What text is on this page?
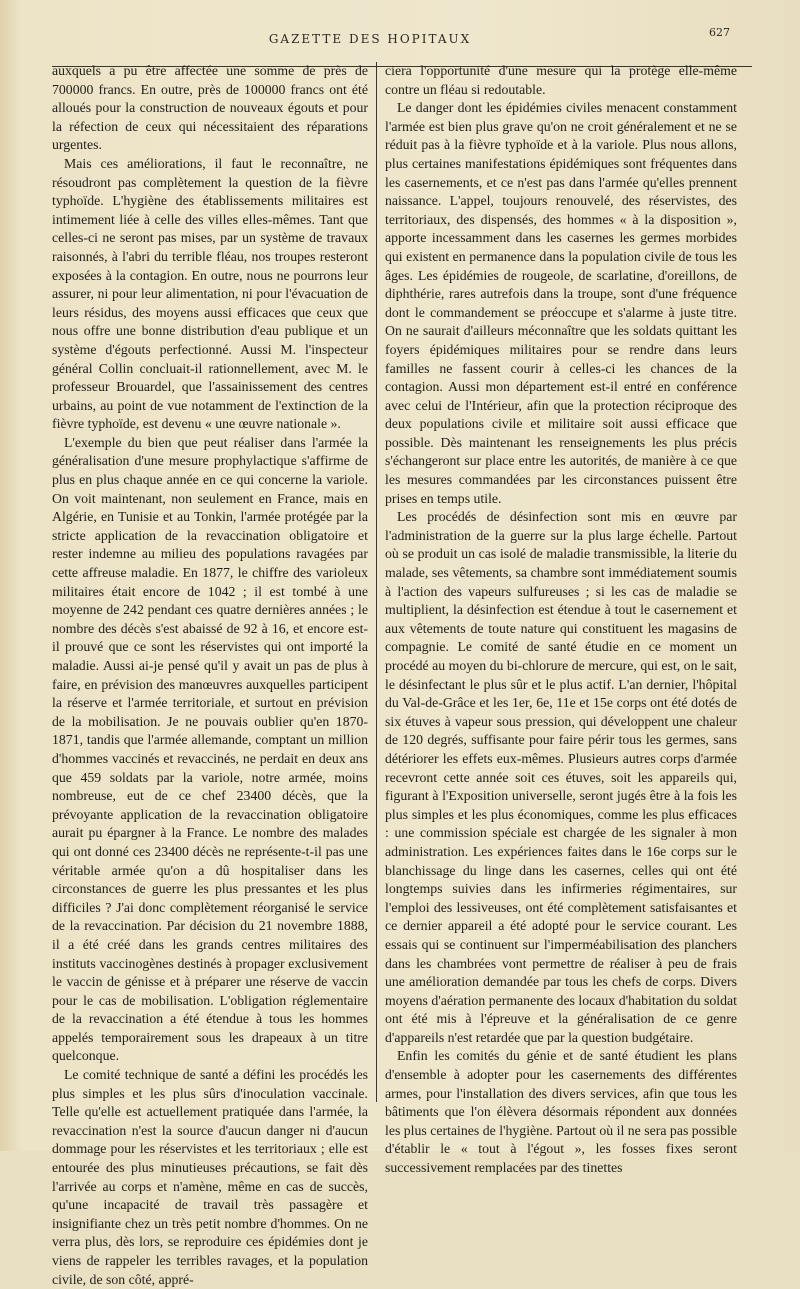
GAZETTE DES HOPITAUX	627

auxquels a pu être affectée une somme de près de 700000 francs. En outre, près de 100000 francs ont été alloués pour la construction de nouveaux égouts et pour la réfection de ceux qui nécessitaient des réparations urgentes.

Mais ces améliorations, il faut le reconnaître, ne résoudront pas complètement la question de la fièvre typhoïde. L'hygiène des établissements militaires est intimement liée à celle des villes elles-mêmes. Tant que celles-ci ne seront pas mises, par un système de travaux raisonnés, à l'abri du terrible fléau, nos troupes resteront exposées à la contagion. En outre, nous ne pourrons leur assurer, ni pour leur alimentation, ni pour l'évacuation de leurs résidus, des moyens aussi efficaces que ceux que nous offre une bonne distribution d'eau publique et un système d'égouts perfectionné. Aussi M. l'inspecteur général Collin concluait-il rationnellement, avec M. le professeur Brouardel, que l'assainissement des centres urbains, au point de vue notamment de l'extinction de la fièvre typhoïde, est devenu « une œuvre nationale ».

L'exemple du bien que peut réaliser dans l'armée la généralisation d'une mesure prophylactique s'affirme de plus en plus chaque année en ce qui concerne la variole. On voit maintenant, non seulement en France, mais en Algérie, en Tunisie et au Tonkin, l'armée protégée par la stricte application de la revaccination obligatoire et rester indemne au milieu des populations ravagées par cette affreuse maladie. En 1877, le chiffre des varioleux militaires était encore de 1042 ; il est tombé à une moyenne de 242 pendant ces quatre dernières années ; le nombre des décès s'est abaissé de 92 à 16, et encore est-il prouvé que ce sont les réservistes qui ont importé la maladie. Aussi ai-je pensé qu'il y avait un pas de plus à faire, en prévision des manœuvres auxquelles participent la réserve et l'armée territoriale, et surtout en prévision de la mobilisation. Je ne pouvais oublier qu'en 1870-1871, tandis que l'armée allemande, comptant un million d'hommes vaccinés et revaccinés, ne perdait en deux ans que 459 soldats par la variole, notre armée, moins nombreuse, eut de ce chef 23400 décès, que la prévoyante application de la revaccination obligatoire aurait pu épargner à la France. Le nombre des malades qui ont donné ces 23400 décès ne représente-t-il pas une véritable armée qu'on a dû hospitaliser dans les circonstances de guerre les plus pressantes et les plus difficiles ? J'ai donc complètement réorganisé le service de la revaccination. Par décision du 21 novembre 1888, il a été créé dans les grands centres militaires des instituts vaccinogènes destinés à propager exclusivement le vaccin de génisse et à préparer une réserve de vaccin pour le cas de mobilisation. L'obligation réglementaire de la revaccination a été étendue à tous les hommes appelés temporairement sous les drapeaux à un titre quelconque.

Le comité technique de santé a défini les procédés les plus simples et les plus sûrs d'inoculation vaccinale. Telle qu'elle est actuellement pratiquée dans l'armée, la revaccination n'est la source d'aucun danger ni d'aucun dommage pour les réservistes et les territoriaux ; elle est entourée des plus minutieuses précautions, se fait dès l'arrivée au corps et n'amène, même en cas de succès, qu'une incapacité de travail très passagère et insignifiante chez un très petit nombre d'hommes. On ne verra plus, dès lors, se reproduire ces épidémies dont je viens de rappeler les terribles ravages, et la population civile, de son côté, appré-

ciera l'opportunité d'une mesure qui la protège elle-même contre un fléau si redoutable.

Le danger dont les épidémies civiles menacent constamment l'armée est bien plus grave qu'on ne croit généralement et ne se réduit pas à la fièvre typhoïde et à la variole. Plus nous allons, plus certaines manifestations épidémiques sont fréquentes dans les casernements, et ce n'est pas dans l'armée qu'elles prennent naissance. L'appel, toujours renouvelé, des réservistes, des territoriaux, des dispensés, des hommes « à la disposition », apporte incessamment dans les casernes les germes morbides qui existent en permanence dans la population civile de tous les âges. Les épidémies de rougeole, de scarlatine, d'oreillons, de diphthérie, rares autrefois dans la troupe, sont d'une fréquence dont le commandement se préoccupe et s'alarme à juste titre. On ne saurait d'ailleurs méconnaître que les soldats quittant les foyers épidémiques militaires pour se rendre dans leurs familles ne fassent courir à celles-ci les chances de la contagion. Aussi mon département est-il entré en conférence avec celui de l'Intérieur, afin que la protection réciproque des deux populations civile et militaire soit aussi efficace que possible. Dès maintenant les renseignements les plus précis s'échangeront sur place entre les autorités, de manière à ce que les mesures commandées par les circonstances puissent être prises en temps utile.

Les procédés de désinfection sont mis en œuvre par l'administration de la guerre sur la plus large échelle. Partout où se produit un cas isolé de maladie transmissible, la literie du malade, ses vêtements, sa chambre sont immédiatement soumis à l'action des vapeurs sulfureuses ; si les cas de maladie se multiplient, la désinfection est étendue à tout le casernement et aux vêtements de toute nature qui constituent les magasins de compagnie. Le comité de santé étudie en ce moment un procédé au moyen du bi-chlorure de mercure, qui est, on le sait, le désinfectant le plus sûr et le plus actif. L'an dernier, l'hôpital du Val-de-Grâce et les 1er, 6e, 11e et 15e corps ont été dotés de six étuves à vapeur sous pression, qui développent une chaleur de 120 degrés, suffisante pour faire périr tous les germes, sans détériorer les effets eux-mêmes. Plusieurs autres corps d'armée recevront cette année soit ces étuves, soit les appareils qui, figurant à l'Exposition universelle, seront jugés être à la fois les plus simples et les plus économiques, comme les plus efficaces : une commission spéciale est chargée de les signaler à mon administration. Les expériences faites dans le 16e corps sur le blanchissage du linge dans les casernes, celles qui ont été longtemps suivies dans les infirmeries régimentaires, sur l'emploi des lessiveuses, ont été complètement satisfaisantes et ce dernier appareil a été adopté pour le service courant. Les essais qui se continuent sur l'imperméabilisation des planchers dans les chambrées vont permettre de réaliser à peu de frais une amélioration demandée par tous les chefs de corps. Divers moyens d'aération permanente des locaux d'habitation du soldat ont été mis à l'épreuve et la généralisation de ce genre d'appareils n'est retardée que par la question budgétaire.

Enfin les comités du génie et de santé étudient les plans d'ensemble à adopter pour les casernements des différentes armes, pour l'installation des divers services, afin que tous les bâtiments que l'on élèvera désormais répondent aux données les plus certaines de l'hygiène. Partout où il ne sera pas possible d'établir le « tout à l'égout », les fosses fixes seront successivement remplacées par des tinettes
